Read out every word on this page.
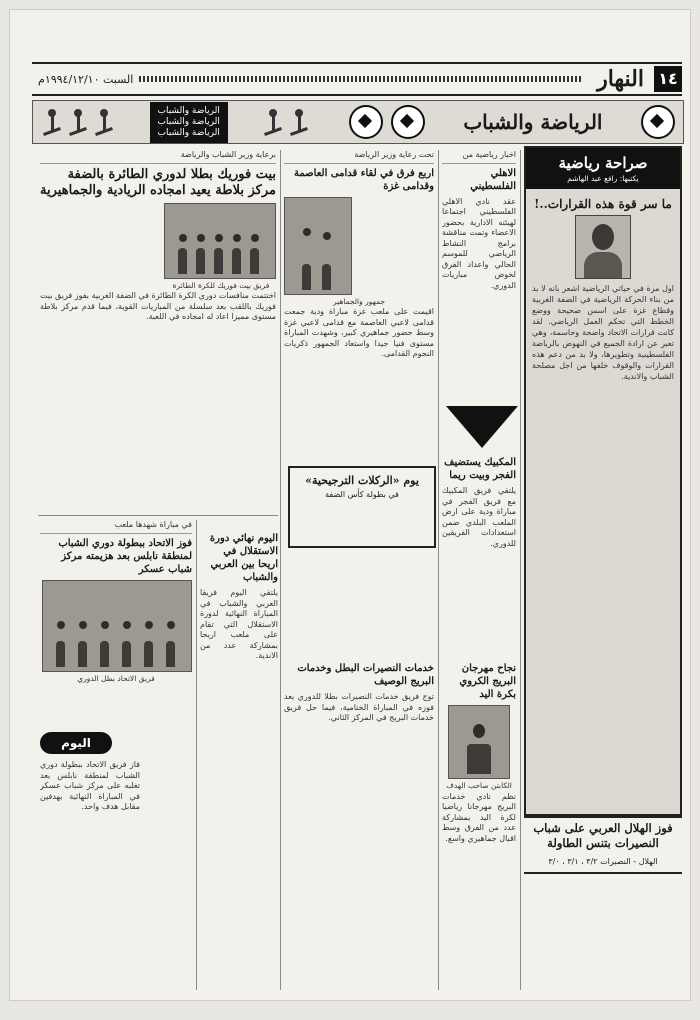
١٤
النهار
السبت ١٩٩٤/١٢/١٠م
الرياضة والشباب
الرياضة والشباب
الرياضة والشباب	الرياضة والشباب
صراحة رياضية
يكتبها: رافع عبد الهاشم
ما سر قوة هذه القرارات..!
اول مرة في حياتي الرياضية اشعر بانه لا بد من بناء الحركة الرياضية في الضفة الغربية وقطاع غزة على اسس صحيحة ووضع الخطط التي تحكم العمل الرياضي. لقد كانت قرارات الاتحاد واضحة وحاسمة، وهي تعبر عن ارادة الجميع في النهوض بالرياضة الفلسطينية وتطويرها، ولا بد من دعم هذه القرارات والوقوف خلفها من اجل مصلحة الشباب والاندية.
فوز الهلال العربي على شباب النصيرات بتنس الطاولة
الهلال - النصيرات ٣/٢ ، ٣/١ ، ٣/٠
اخبار رياضية من
الاهلي الفلسطيني
عقد نادي الاهلي الفلسطيني اجتماعا لهيئته الادارية بحضور الاعضاء وتمت مناقشة برامج النشاط الرياضي للموسم الحالي واعداد الفرق لخوض مباريات الدوري.
المكبيك يستضيف الفجر وبيت ريما
يلتقي فريق المكبيك مع فريق الفجر في مباراة ودية على ارض الملعب البلدي ضمن استعدادات الفريقين للدوري.
تحت رعاية وزير الرياضة
اربع فرق في لقاء قدامى العاصمة وقدامى غزة
جمهور والجماهير
اقيمت على ملعب غزة مباراة ودية جمعت قدامى لاعبي العاصمة مع قدامى لاعبي غزة وسط حضور جماهيري كبير، وشهدت المباراة مستوى فنيا جيدا واستعاد الجمهور ذكريات النجوم القدامى.
يوم «الركلات الترجيحية»
في بطولة كأس الضفة
برعاية وزير الشباب والرياضة
بيت فوريك بطلا لدوري الطائرة بالضفة مركز بلاطة يعيد امجاده الريادية والجماهيرية
فريق بيت فوريك للكرة الطائرة
اختتمت منافسات دوري الكرة الطائرة في الضفة الغربية بفوز فريق بيت فوريك باللقب بعد سلسلة من المباريات القوية، فيما قدم مركز بلاطة مستوى مميزا اعاد له امجاده في اللعبة.
في مباراة شهدها ملعب
فوز الاتحاد ببطولة دوري الشباب لمنطقة نابلس بعد هزيمته مركز شباب عسكر
فريق الاتحاد بطل الدوري
اليوم
فاز فريق الاتحاد ببطولة دوري الشباب لمنطقة نابلس بعد تغلبه على مركز شباب عسكر في المباراة النهائية بهدفين مقابل هدف واحد.
اليوم نهائي دورة الاستقلال في اريحا بين العربي والشباب
يلتقي اليوم فريقا العربي والشباب في المباراة النهائية لدورة الاستقلال التي تقام على ملعب اريحا بمشاركة عدد من الاندية.
خدمات النصيرات البطل وخدمات البريج الوصيف
توج فريق خدمات النصيرات بطلا للدوري بعد فوزه في المباراة الختامية، فيما حل فريق خدمات البريج في المركز الثاني.
نجاح مهرجان البريج الكروي بكرة اليد
الكابتن صاحب الهدف
نظم نادي خدمات البريج مهرجانا رياضيا لكرة اليد بمشاركة عدد من الفرق وسط اقبال جماهيري واسع.
